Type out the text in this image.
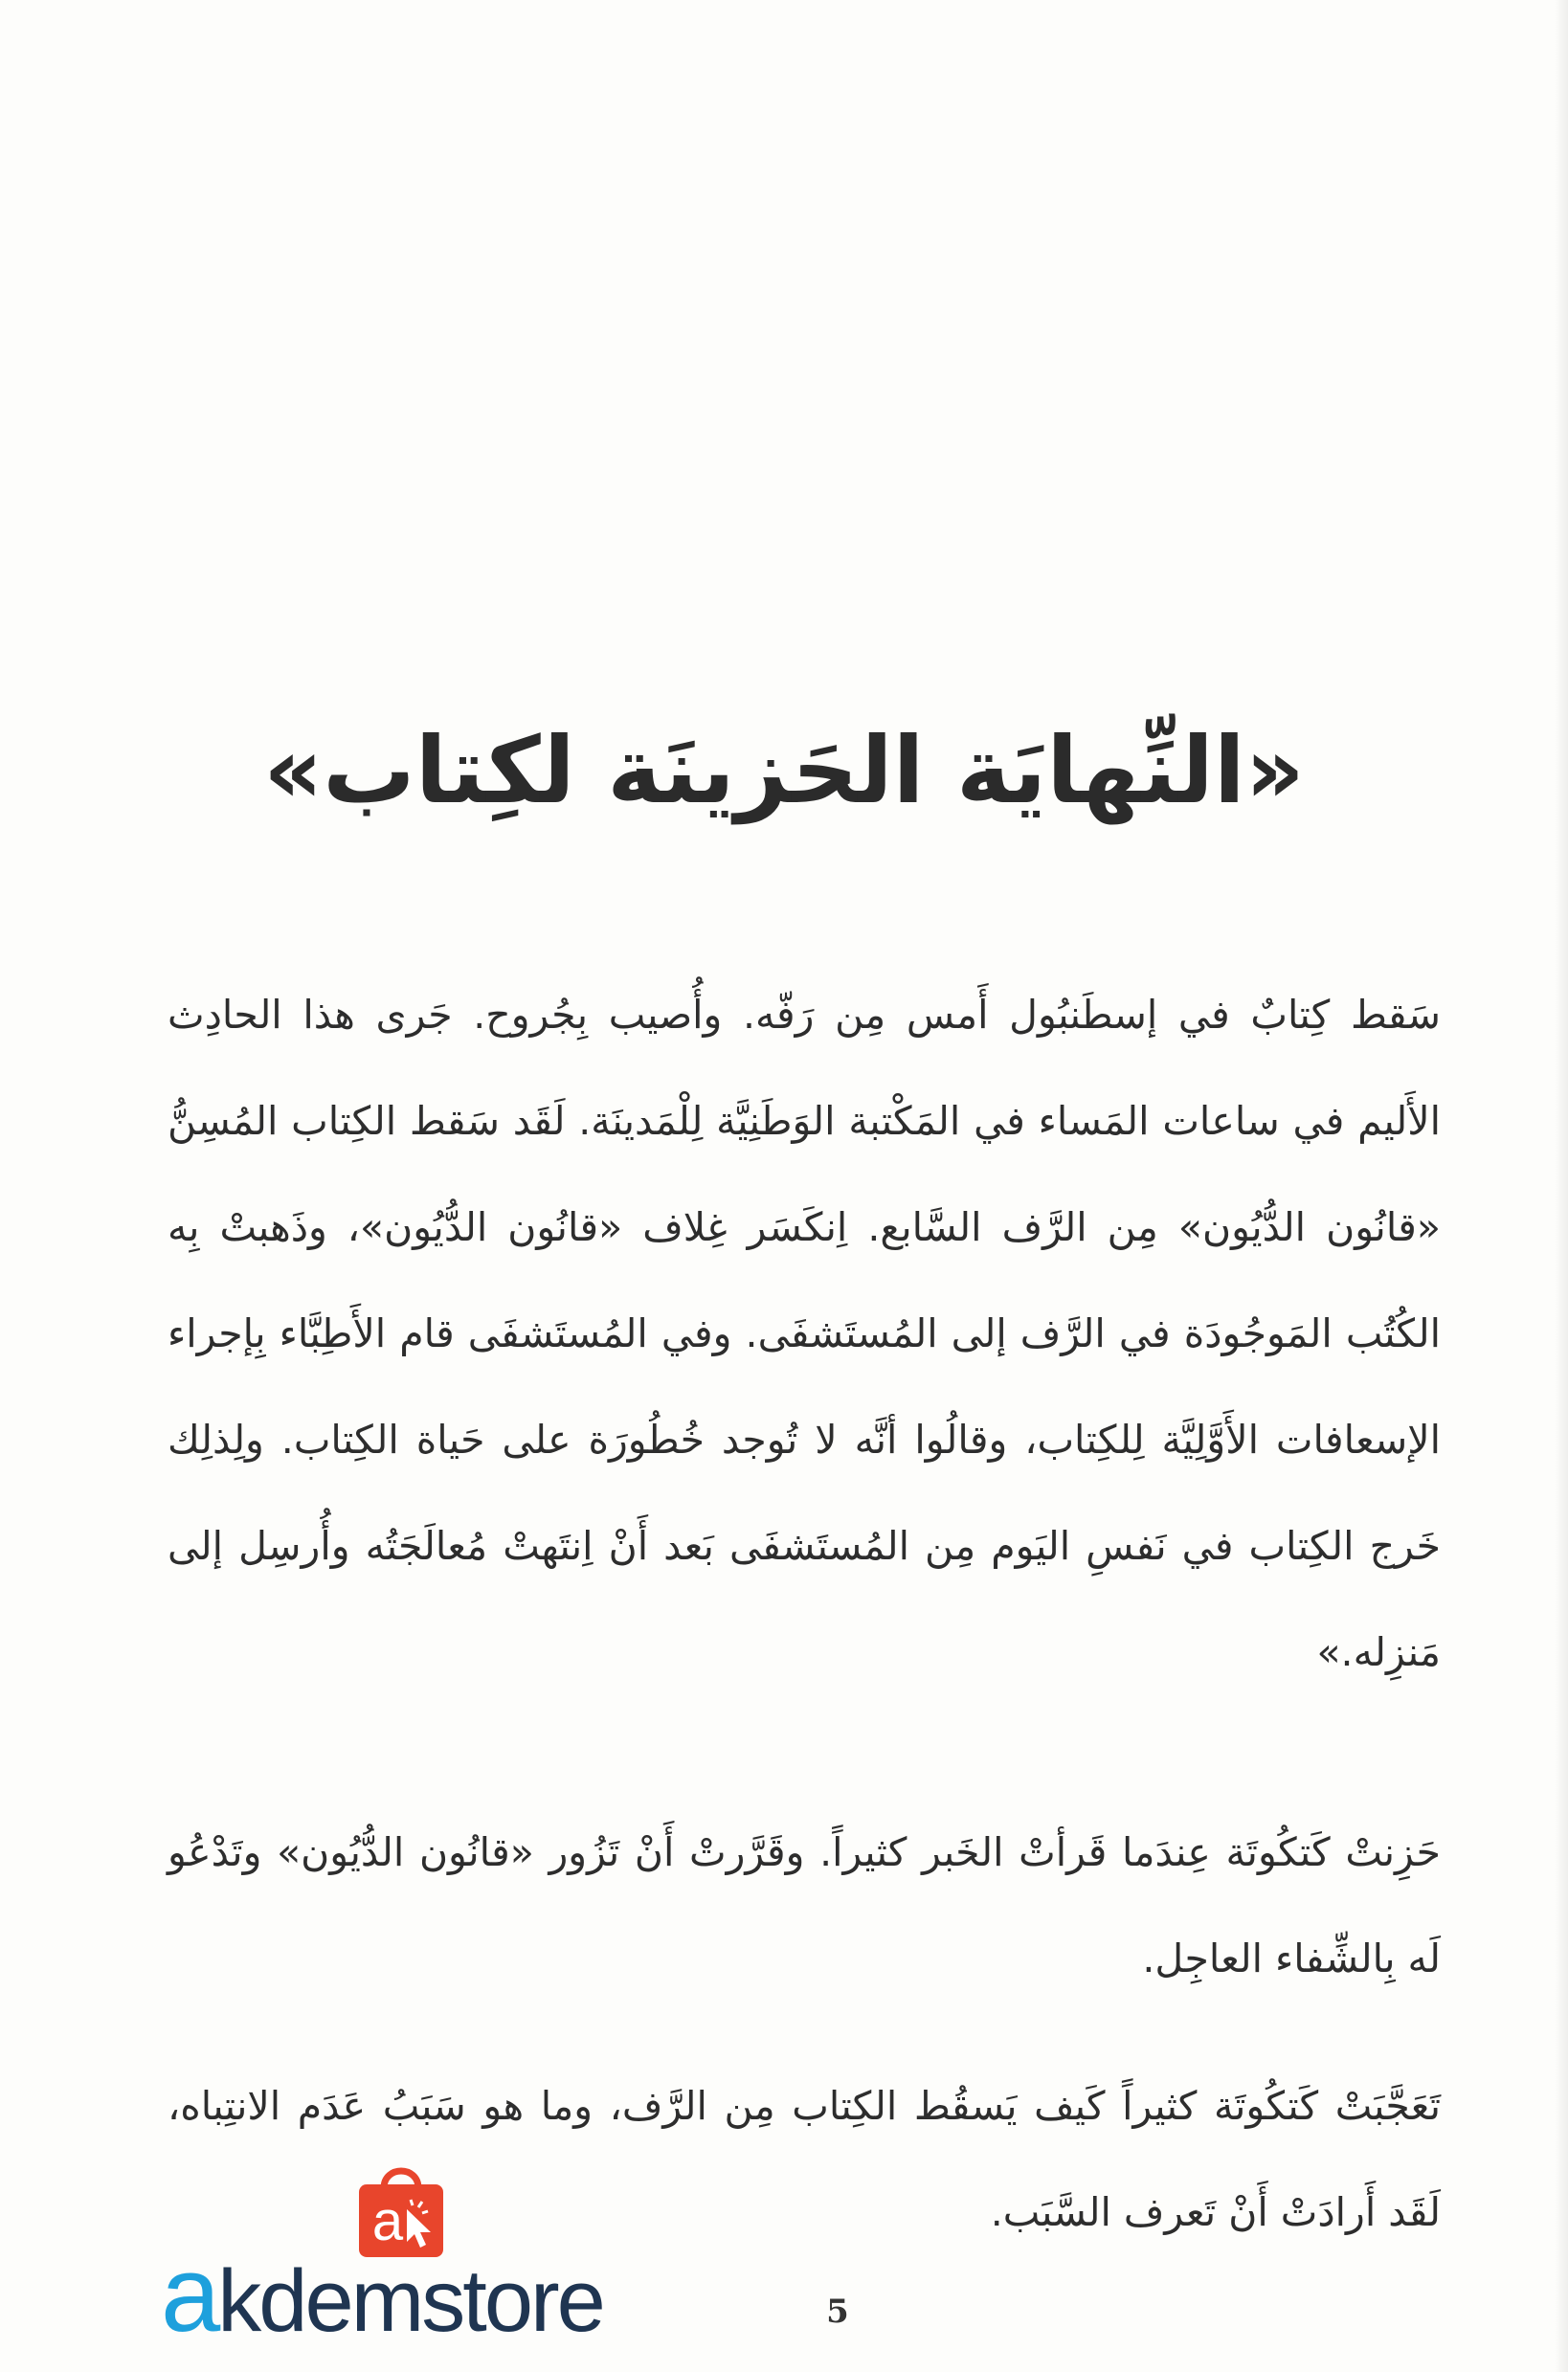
«النِّهايَة الحَزينَة لكِتاب»

سَقط كِتابٌ في إسطَنبُول أَمس مِن رَفّه. وأُصيب بِجُروح. جَرى هذا الحادِث الأَليم في ساعات المَساء في المَكْتبة الوَطَنِيَّة لِلْمَدينَة. لَقَد سَقط الكِتاب المُسِنُّ «قانُون الدُّيُون» مِن الرَّف السَّابع. اِنكَسَر غِلاف «قانُون الدُّيُون»، وذَهبتْ بِه الكُتُب المَوجُودَة في الرَّف إلى المُستَشفَى. وفي المُستَشفَى قام الأَطِبَّاء بِإجراء الإسعافات الأَوَّلِيَّة لِلكِتاب، وقالُوا أنَّه لا تُوجد خُطُورَة على حَياة الكِتاب. ولِذلِك خَرج الكِتاب في نَفسِ اليَوم مِن المُستَشفَى بَعد أَنْ اِنتَهتْ مُعالَجَتُه وأُرسِل إلى مَنزِله.»

حَزِنتْ كَتكُوتَة عِندَما قَرأتْ الخَبر كثيراً. وقَرَّرتْ أَنْ تَزُور «قانُون الدُّيُون» وتَدْعُو لَه بِالشِّفاء العاجِل.

تَعَجَّبَتْ كَتكُوتَة كثيراً كَيف يَسقُط الكِتاب مِن الرَّف، وما هو سَبَبُ عَدَم الانتِباه، لَقَد أَرادَتْ أَنْ تَعرف السَّبَب.

a
akdemstore	5
